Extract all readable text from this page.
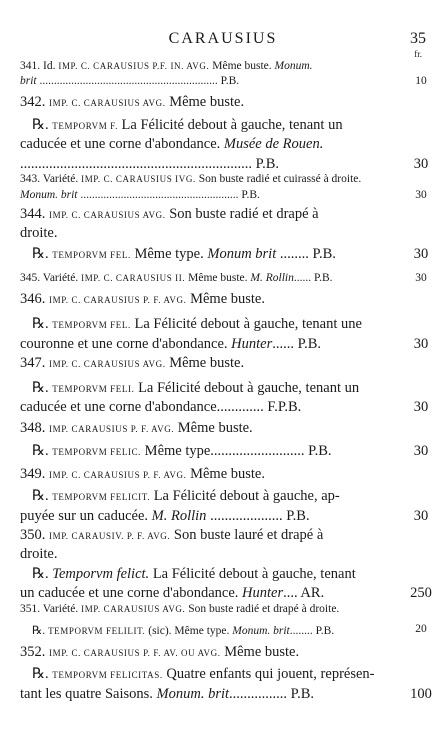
CARAUSIUS	35
fr.
341. Id. IMP. C. CARAUSIUS P.F. IN. AVG. Même buste. Monum.
brit .............................................................. P.B.	10
342. IMP. C. CARAUSIUS AVG. Même buste.
℞. TEMPORVM F. La Félicité debout à gauche, tenant un
caducée et une corne d'abondance. Musée de Rouen.
................................................................ P.B.	30
343. Variété. IMP. C. CARAUSIUS IVG. Son buste radié et cuirassé à droite.
Monum. brit ....................................................... P.B.	30
344. IMP. C. CARAUSIUS AVG. Son buste radié et drapé à
droite.
℞. TEMPORVM FEL. Même type. Monum brit ........ P.B.	30
345. Variété. IMP. C. CARAUSIUS II. Même buste. M. Rollin...... P.B.	30
346. IMP. C. CARAUSIUS P. F. AVG. Même buste.
℞. TEMPORVM FEL. La Félicité debout à gauche, tenant une
couronne et une corne d'abondance. Hunter...... P.B.	30
347. IMP. C. CARAUSIUS AVG. Même buste.
℞. TEMPORVM FELI. La Félicité debout à gauche, tenant un
caducée et une corne d'abondance............. F.P.B.	30
348. IMP. CARAUSIUS P. F. AVG. Même buste.
℞. TEMPORVM FELIC. Même type.......................... P.B.	30
349. IMP. C. CARAUSIUS P. F. AVG. Même buste.
℞. TEMPORVM FELICIT. La Félicité debout à gauche, ap-
puyée sur un caducée. M. Rollin .................... P.B.	30
350. IMP. CARAUSIV. P. F. AVG. Son buste lauré et drapé à
droite.
℞. Temporvm felict. La Félicité debout à gauche, tenant
un caducée et une corne d'abondance. Hunter.... AR.	250
351. Variété. IMP. CARAUSIUS AVG. Son buste radié et drapé à droite.
℞. TEMPORVM FELILIT. (sic). Même type. Monum. brit........ P.B.	20
352. IMP. C. CARAUSIUS P. F. AV. OU AVG. Même buste.
℞. TEMPORVM FELICITAS. Quatre enfants qui jouent, représen-
tant les quatre Saisons. Monum. brit................ P.B.	100
